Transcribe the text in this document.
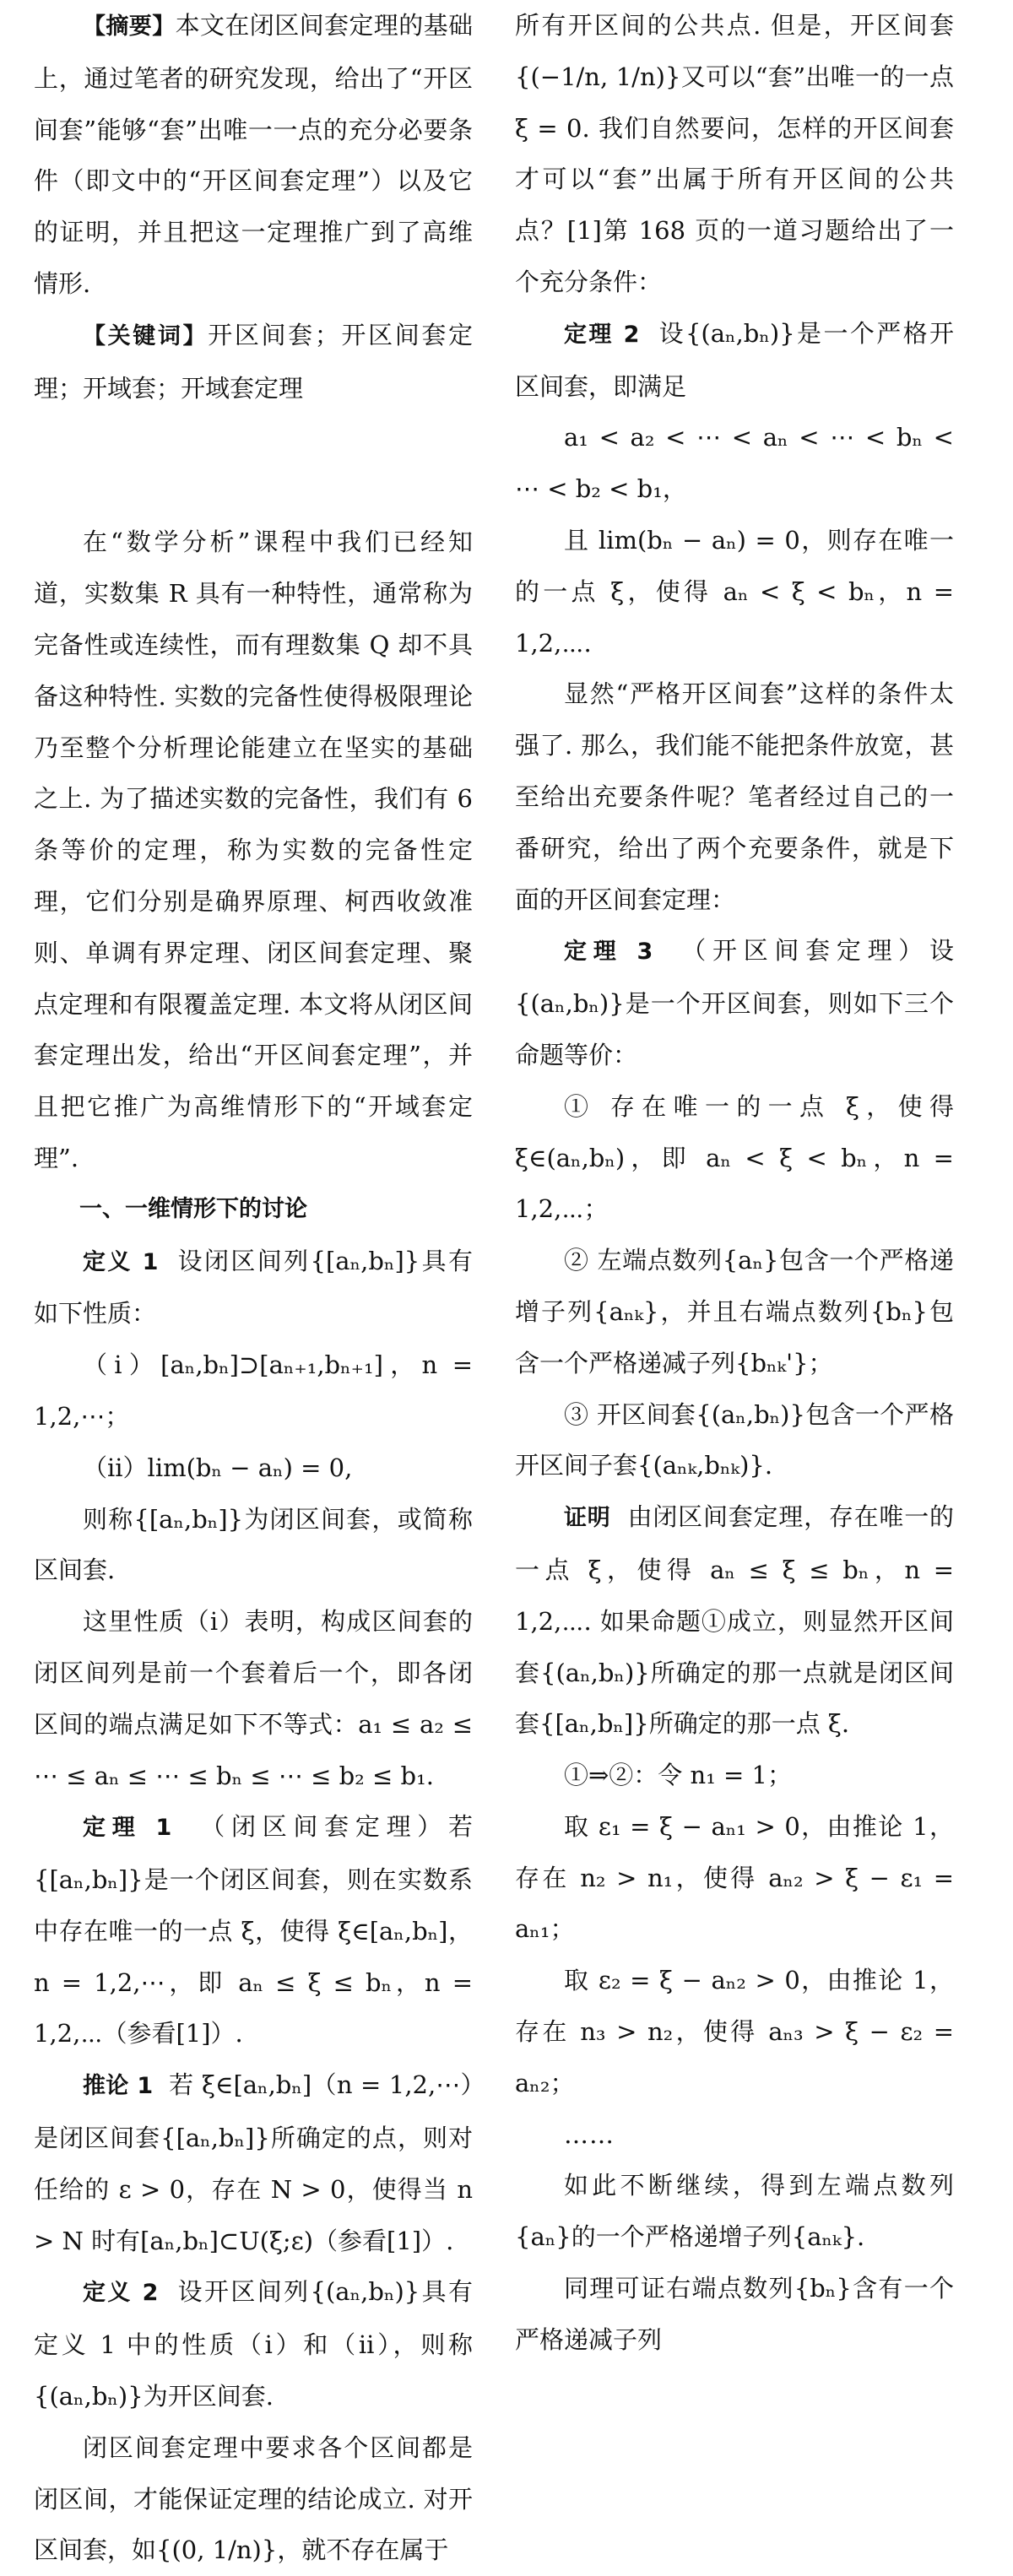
【摘要】本文在闭区间套定理的基础上，通过笔者的研究发现，给出了“开区间套”能够“套”出唯一一点的充分必要条件（即文中的“开区间套定理”）以及它的证明，并且把这一定理推广到了高维情形.

【关键词】开区间套；开区间套定理；开域套；开域套定理

在“数学分析”课程中我们已经知道，实数集 R 具有一种特性，通常称为完备性或连续性，而有理数集 Q 却不具备这种特性. 实数的完备性使得极限理论乃至整个分析理论能建立在坚实的基础之上. 为了描述实数的完备性，我们有 6 条等价的定理，称为实数的完备性定理，它们分别是确界原理、柯西收敛准则、单调有界定理、闭区间套定理、聚点定理和有限覆盖定理. 本文将从闭区间套定理出发，给出“开区间套定理”，并且把它推广为高维情形下的“开域套定理”.

一、一维情形下的讨论

定义 1 设闭区间列{[aₙ,bₙ]}具有如下性质：

（ⅰ）[aₙ,bₙ]⊃[aₙ₊₁,bₙ₊₁]，n = 1,2,⋯；

（ⅱ）lim(bₙ − aₙ) = 0,

则称{[aₙ,bₙ]}为闭区间套，或简称区间套.

这里性质（ⅰ）表明，构成区间套的闭区间列是前一个套着后一个，即各闭区间的端点满足如下不等式：a₁ ≤ a₂ ≤ ⋯ ≤ aₙ ≤ ⋯ ≤ bₙ ≤ ⋯ ≤ b₂ ≤ b₁.

定理 1 （闭区间套定理）若{[aₙ,bₙ]}是一个闭区间套，则在实数系中存在唯一的一点 ξ，使得 ξ∈[aₙ,bₙ]，n = 1,2,⋯，即 aₙ ≤ ξ ≤ bₙ，n = 1,2,⋯（参看[1]）.

推论 1 若 ξ∈[aₙ,bₙ]（n = 1,2,⋯）是闭区间套{[aₙ,bₙ]}所确定的点，则对任给的 ε > 0，存在 N > 0，使得当 n > N 时有[aₙ,bₙ]⊂U(ξ;ε)（参看[1]）.

定义 2 设开区间列{(aₙ,bₙ)}具有定义 1 中的性质（ⅰ）和（ⅱ），则称{(aₙ,bₙ)}为开区间套.

闭区间套定理中要求各个区间都是闭区间，才能保证定理的结论成立. 对开区间套，如{(0, 1/n)}，就不存在属于

所有开区间的公共点. 但是，开区间套{(−1/n, 1/n)}又可以“套”出唯一的一点 ξ = 0. 我们自然要问，怎样的开区间套才可以“套”出属于所有开区间的公共点？[1]第 168 页的一道习题给出了一个充分条件：

定理 2 设{(aₙ,bₙ)}是一个严格开区间套，即满足

a₁ < a₂ < ⋯ < aₙ < ⋯ < bₙ < ⋯ < b₂ < b₁，

且 lim(bₙ − aₙ) = 0，则存在唯一的一点 ξ，使得 aₙ < ξ < bₙ，n = 1,2,⋯.

显然“严格开区间套”这样的条件太强了. 那么，我们能不能把条件放宽，甚至给出充要条件呢？笔者经过自己的一番研究，给出了两个充要条件，就是下面的开区间套定理：

定理 3 （开区间套定理）设{(aₙ,bₙ)}是一个开区间套，则如下三个命题等价：

① 存在唯一的一点 ξ，使得 ξ∈(aₙ,bₙ)，即 aₙ < ξ < bₙ，n = 1,2,⋯；

② 左端点数列{aₙ}包含一个严格递增子列{aₙₖ}，并且右端点数列{bₙ}包含一个严格递减子列{bₙₖ'}；

③ 开区间套{(aₙ,bₙ)}包含一个严格开区间子套{(aₙₖ,bₙₖ)}.

证明 由闭区间套定理，存在唯一的一点 ξ，使得 aₙ ≤ ξ ≤ bₙ，n = 1,2,⋯. 如果命题①成立，则显然开区间套{(aₙ,bₙ)}所确定的那一点就是闭区间套{[aₙ,bₙ]}所确定的那一点 ξ.

①⇒②：令 n₁ = 1；

取 ε₁ = ξ − aₙ₁ > 0，由推论 1，存在 n₂ > n₁，使得 aₙ₂ > ξ − ε₁ = aₙ₁；

取 ε₂ = ξ − aₙ₂ > 0，由推论 1，存在 n₃ > n₂，使得 aₙ₃ > ξ − ε₂ = aₙ₂；

……

如此不断继续，得到左端点数列{aₙ}的一个严格递增子列{aₙₖ}.

同理可证右端点数列{bₙ}含有一个严格递减子列
